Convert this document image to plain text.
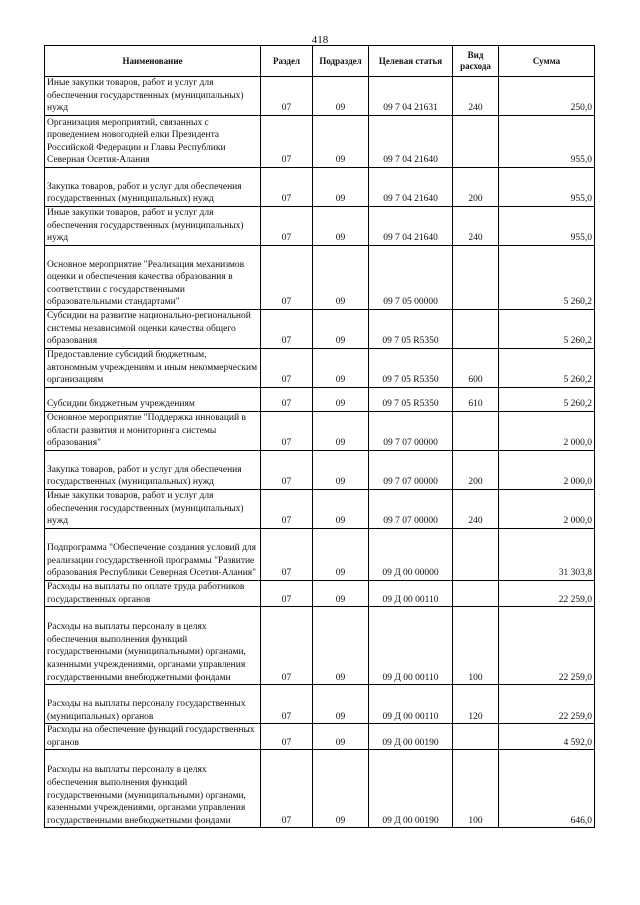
418
Наименование	Раздел	Подраздел	Целевая статья	Вид расхода	Сумма
Иные закупки товаров, работ и услуг для обеспечения государственных (муниципальных) нужд	07	09	09 7 04 21631	240	250,0
Организация мероприятий, связанных с проведением новогодней елки Президента Российской Федерации и Главы Республики Северная Осетия-Алания	07	09	09 7 04 21640		955,0
Закупка товаров, работ и услуг для обеспечения государственных (муниципальных) нужд	07	09	09 7 04 21640	200	955,0
Иные закупки товаров, работ и услуг для обеспечения государственных (муниципальных) нужд	07	09	09 7 04 21640	240	955,0
Основное мероприятие "Реализация механизмов оценки и обеспечения качества образования в соответствии с государственными образовательными стандартами"	07	09	09 7 05 00000		5 260,2
Субсидии на развитие национально-региональной системы независимой оценки качества общего образования	07	09	09 7 05 R5350		5 260,2
Предоставление субсидий бюджетным, автономным учреждениям и иным некоммерческим организациям	07	09	09 7 05 R5350	600	5 260,2
Субсидии бюджетным учреждениям	07	09	09 7 05 R5350	610	5 260,2
Основное мероприятие "Поддержка инноваций в области развития и мониторинга системы образования"	07	09	09 7 07 00000		2 000,0
Закупка товаров, работ и услуг для обеспечения государственных (муниципальных) нужд	07	09	09 7 07 00000	200	2 000,0
Иные закупки товаров, работ и услуг для обеспечения государственных (муниципальных) нужд	07	09	09 7 07 00000	240	2 000,0
Подпрограмма "Обеспечение создания условий для реализации государственной программы "Развитие образования Республики Северная Осетия-Алания"	07	09	09 Д 00 00000		31 303,8
Расходы на выплаты по оплате труда работников государственных органов	07	09	09 Д 00 00110		22 259,0
Расходы на выплаты персоналу в целях обеспечения выполнения функций государственными (муниципальными) органами, казенными учреждениями, органами управления государственными внебюджетными фондами	07	09	09 Д 00 00110	100	22 259,0
Расходы на выплаты персоналу государственных (муниципальных) органов	07	09	09 Д 00 00110	120	22 259,0
Расходы на обеспечение функций государственных органов	07	09	09 Д 00 00190		4 592,0
Расходы на выплаты персоналу в целях обеспечения выполнения функций государственными (муниципальными) органами, казенными учреждениями, органами управления государственными внебюджетными фондами	07	09	09 Д 00 00190	100	646,0
